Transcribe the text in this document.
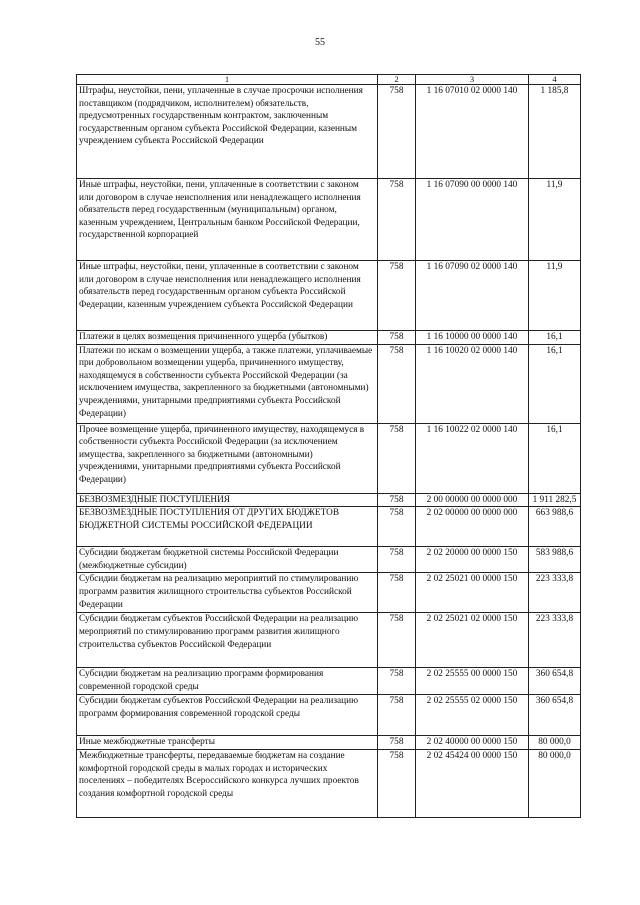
55
1	2	3	4
Штрафы, неустойки, пени, уплаченные в случае просрочки исполнения поставщиком (подрядчиком, исполнителем) обязательств, предусмотренных государственным контрактом, заключенным государственным органом субъекта Российской Федерации, казенным учреждением субъекта Российской Федерации	758	1 16 07010 02 0000 140	1 185,8
Иные штрафы, неустойки, пени, уплаченные в соответствии с законом или договором в случае неисполнения или ненадлежащего исполнения обязательств перед государственным (муниципальным) органом, казенным учреждением, Центральным банком Российской Федерации, государственной корпорацией	758	1 16 07090 00 0000 140	11,9
Иные штрафы, неустойки, пени, уплаченные в соответствии с законом или договором в случае неисполнения или ненадлежащего исполнения обязательств перед государственным органом субъекта Российской Федерации, казенным учреждением субъекта Российской Федерации	758	1 16 07090 02 0000 140	11,9
Платежи в целях возмещения причиненного ущерба (убытков)	758	1 16 10000 00 0000 140	16,1
Платежи по искам о возмещении ущерба, а также платежи, уплачиваемые при добровольном возмещении ущерба, причиненного имуществу, находящемуся в собственности субъекта Российской Федерации (за исключением имущества, закрепленного за бюджетными (автономными) учреждениями, унитарными предприятиями субъекта Российской Федерации)	758	1 16 10020 02 0000 140	16,1
Прочее возмещение ущерба, причиненного имуществу, находящемуся в собственности субъекта Российской Федерации (за исключением имущества, закрепленного за бюджетными (автономными) учреждениями, унитарными предприятиями субъекта Российской Федерации)	758	1 16 10022 02 0000 140	16,1
БЕЗВОЗМЕЗДНЫЕ ПОСТУПЛЕНИЯ	758	2 00 00000 00 0000 000	1 911 282,5
БЕЗВОЗМЕЗДНЫЕ ПОСТУПЛЕНИЯ ОТ ДРУГИХ БЮДЖЕТОВ БЮДЖЕТНОЙ СИСТЕМЫ РОССИЙСКОЙ ФЕДЕРАЦИИ	758	2 02 00000 00 0000 000	663 988,6
Субсидии бюджетам бюджетной системы Российской Федерации (межбюджетные субсидии)	758	2 02 20000 00 0000 150	583 988,6
Субсидии бюджетам на реализацию мероприятий по стимулированию программ развития жилищного строительства субъектов Российской Федерации	758	2 02 25021 00 0000 150	223 333,8
Субсидии бюджетам субъектов Российской Федерации на реализацию мероприятий по стимулированию программ развития жилищного строительства субъектов Российской Федерации	758	2 02 25021 02 0000 150	223 333,8
Субсидии бюджетам на реализацию программ формирования современной городской среды	758	2 02 25555 00 0000 150	360 654,8
Субсидии бюджетам субъектов Российской Федерации на реализацию программ формирования современной городской среды	758	2 02 25555 02 0000 150	360 654,8
Иные межбюджетные трансферты	758	2 02 40000 00 0000 150	80 000,0
Межбюджетные трансферты, передаваемые бюджетам на создание комфортной городской среды в малых городах и исторических поселениях – победителях Всероссийского конкурса лучших проектов создания комфортной городской среды	758	2 02 45424 00 0000 150	80 000,0
